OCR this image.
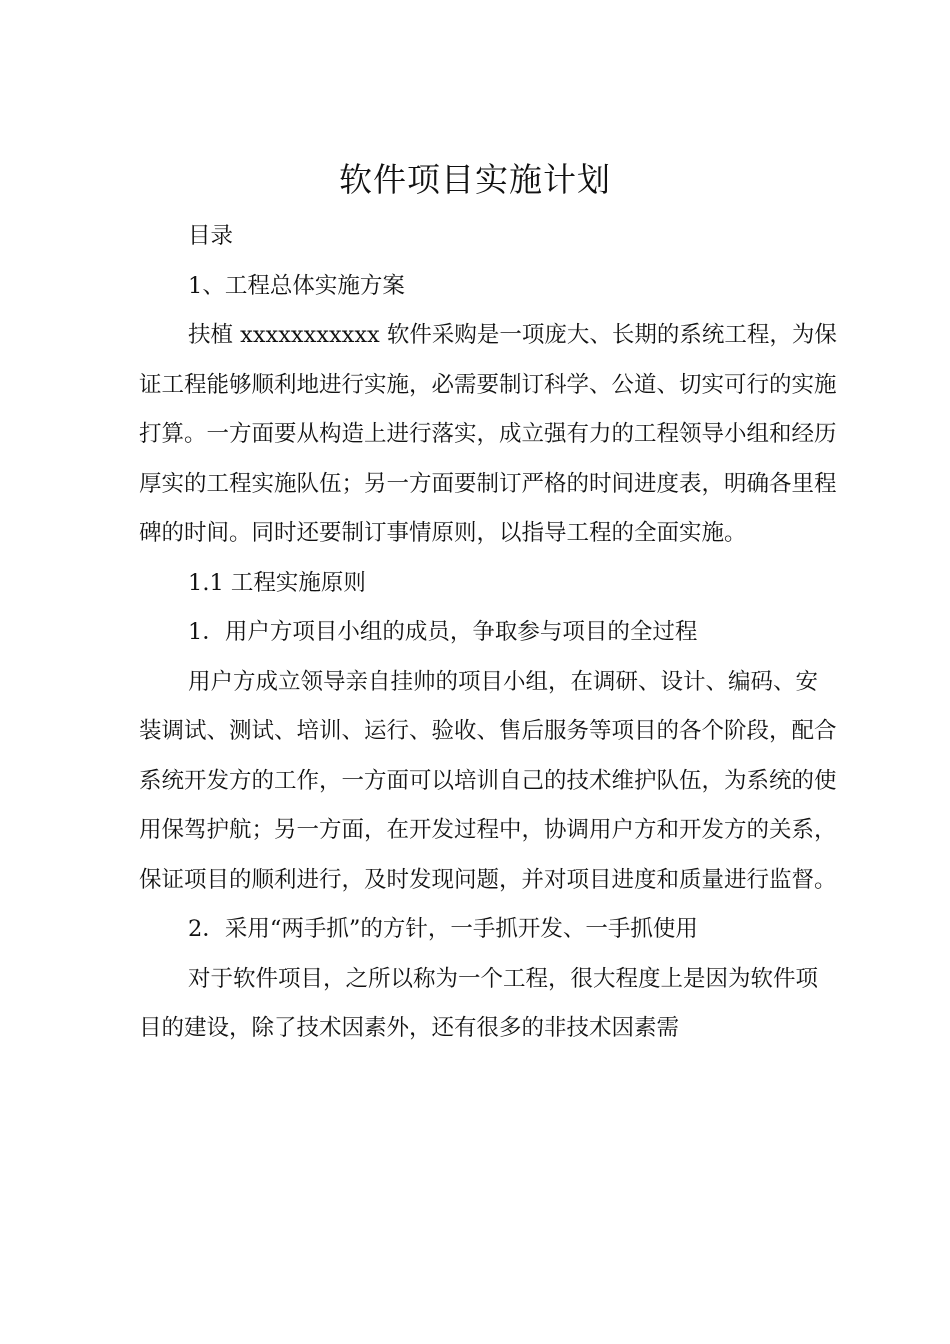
软件项目实施计划

目录

1、工程总体实施方案

扶植 xxxxxxxxxxx 软件采购是一项庞大、长期的系统工程，为保证工程能够顺利地进行实施，必需要制订科学、公道、切实可行的实施打算。一方面要从构造上进行落实，成立强有力的工程领导小组和经历厚实的工程实施队伍；另一方面要制订严格的时间进度表，明确各里程碑的时间。同时还要制订事情原则，以指导工程的全面实施。

1.1 工程实施原则

1．用户方项目小组的成员，争取参与项目的全过程

用户方成立领导亲自挂帅的项目小组，在调研、设计、编码、安装调试、测试、培训、运行、验收、售后服务等项目的各个阶段，配合系统开发方的工作，一方面可以培训自己的技术维护队伍，为系统的使用保驾护航；另一方面，在开发过程中，协调用户方和开发方的关系，保证项目的顺利进行，及时发现问题，并对项目进度和质量进行监督。

2．采用“两手抓”的方针，一手抓开发、一手抓使用

对于软件项目，之所以称为一个工程，很大程度上是因为软件项目的建设，除了技术因素外，还有很多的非技术因素需
